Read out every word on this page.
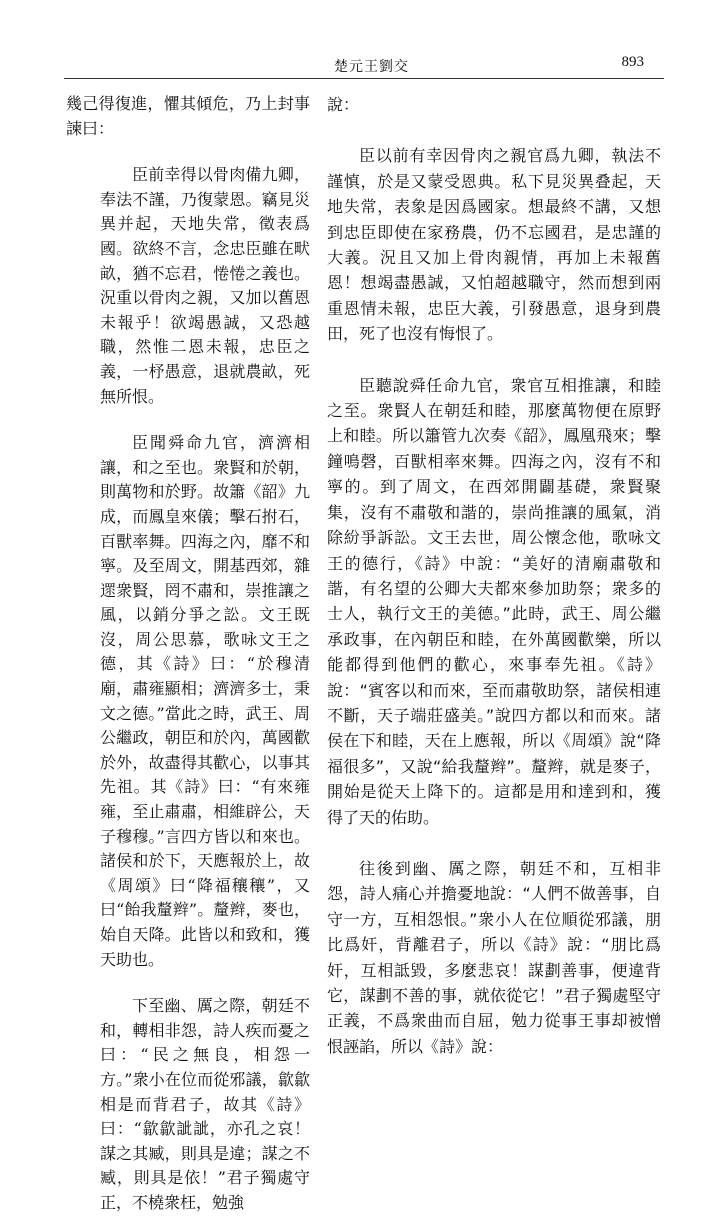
楚元王劉交	893

幾己得復進，懼其傾危，乃上封事諫曰：

臣前幸得以骨肉備九卿，奉法不謹，乃復蒙恩。竊見災異并起，天地失常，徵表爲國。欲終不言，念忠臣雖在畎畝，猶不忘君，惓惓之義也。況重以骨肉之親，又加以舊恩未報乎！欲竭愚誠，又恐越職，然惟二恩未報，忠臣之義，一杼愚意，退就農畝，死無所恨。

臣聞舜命九官，濟濟相讓，和之至也。衆賢和於朝，則萬物和於野。故簫《韶》九成，而鳳皇來儀；擊石拊石，百獸率舞。四海之內，靡不和寧。及至周文，開基西郊，雜遝衆賢，罔不肅和，崇推讓之風，以銷分爭之訟。文王既沒，周公思慕，歌咏文王之德，其《詩》曰：“於穆清廟，肅雍顯相；濟濟多士，秉文之德。”當此之時，武王、周公繼政，朝臣和於內，萬國歡於外，故盡得其歡心，以事其先祖。其《詩》曰：“有來雍雍，至止肅肅，相維辟公，天子穆穆。”言四方皆以和來也。諸侯和於下，天應報於上，故《周頌》曰“降福穰穰”，又曰“飴我釐辫”。釐辫，麥也，始自天降。此皆以和致和，獲天助也。

下至幽、厲之際，朝廷不和，轉相非怨，詩人疾而憂之曰：“民之無良，相怨一方。”衆小在位而從邪議，歙歙相是而背君子，故其《詩》曰：“歙歙訿訿，亦孔之哀！謀之其臧，則具是違；謀之不臧，則具是依！”君子獨處守正，不橈衆枉，勉強

說：

臣以前有幸因骨肉之親官爲九卿，執法不謹慎，於是又蒙受恩典。私下見災異叠起，天地失常，表象是因爲國家。想最終不講，又想到忠臣即使在家務農，仍不忘國君，是忠謹的大義。況且又加上骨肉親情，再加上未報舊恩！想竭盡愚誠，又怕超越職守，然而想到兩重恩情未報，忠臣大義，引發愚意，退身到農田，死了也沒有悔恨了。

臣聽說舜任命九官，衆官互相推讓，和睦之至。衆賢人在朝廷和睦，那麼萬物便在原野上和睦。所以簫管九次奏《韶》，鳳凰飛來；擊鐘鳴磬，百獸相率來舞。四海之內，沒有不和寧的。到了周文，在西郊開闢基礎，衆賢聚集，沒有不肅敬和諧的，崇尚推讓的風氣，消除紛爭訴訟。文王去世，周公懷念他，歌咏文王的德行，《詩》中說：“美好的清廟肅敬和諧，有名望的公卿大夫都來參加助祭；衆多的士人，執行文王的美德。”此時，武王、周公繼承政事，在內朝臣和睦，在外萬國歡樂，所以能都得到他們的歡心，來事奉先祖。《詩》說：“賓客以和而來，至而肅敬助祭，諸侯相連不斷，天子端莊盛美。”說四方都以和而來。諸侯在下和睦，天在上應報，所以《周頌》說“降福很多”，又說“給我釐辫”。釐辫，就是麥子，開始是從天上降下的。這都是用和達到和，獲得了天的佑助。

往後到幽、厲之際，朝廷不和，互相非怨，詩人痛心并擔憂地說：“人們不做善事，自守一方，互相怨恨。”衆小人在位順從邪議，朋比爲奸，背離君子，所以《詩》說：“朋比爲奸，互相詆毀，多麼悲哀！謀劃善事，便違背它，謀劃不善的事，就依從它！”君子獨處堅守正義，不爲衆曲而自屈，勉力從事王事却被憎恨誣諂，所以《詩》說：
